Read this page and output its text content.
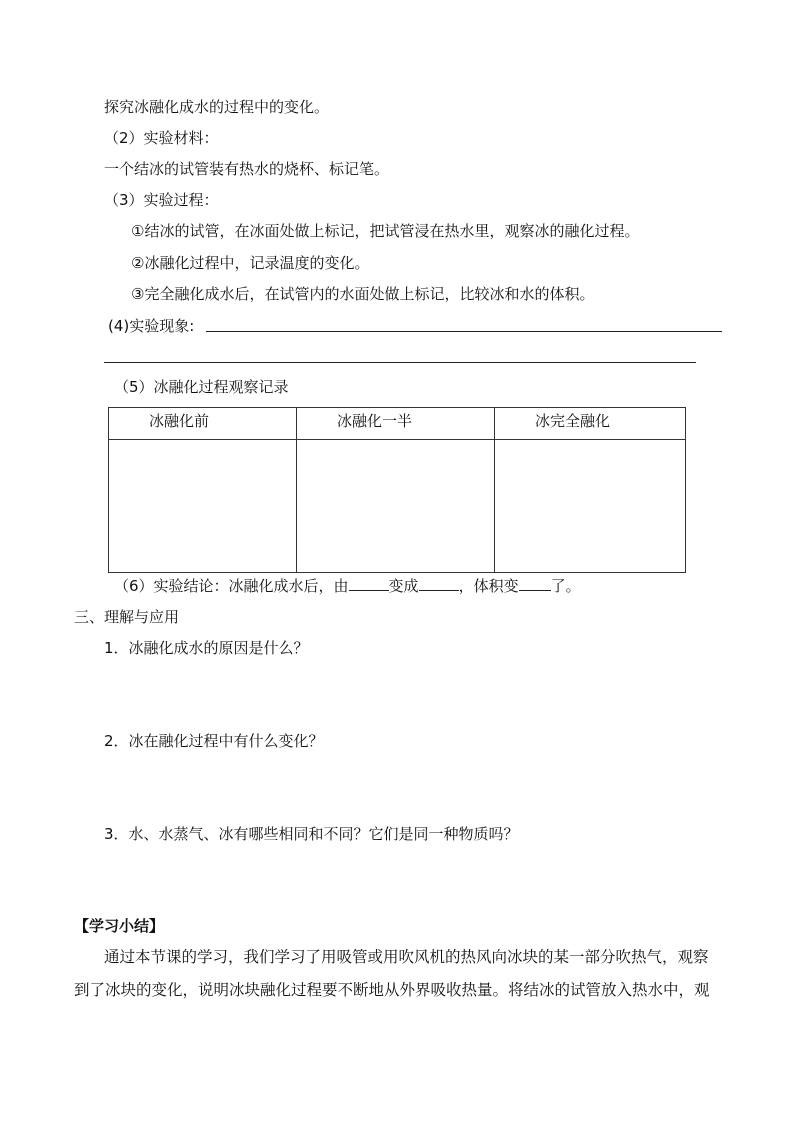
探究冰融化成水的过程中的变化。
（2）实验材料：
一个结冰的试管装有热水的烧杯、标记笔。
（3）实验过程：
①结冰的试管，在冰面处做上标记，把试管浸在热水里，观察冰的融化过程。
②冰融化过程中，记录温度的变化。
③完全融化成水后，在试管内的水面处做上标记，比较冰和水的体积。
(4)实验现象:
（5）冰融化过程观察记录
冰融化前	冰融化一半	冰完全融化

（6）实验结论：冰融化成水后，由	变成	，体积变 了。
三、理解与应用
1．冰融化成水的原因是什么？
2．冰在融化过程中有什么变化？
3．水、水蒸气、冰有哪些相同和不同？它们是同一种物质吗？
【学习小结】
通过本节课的学习，我们学习了用吸管或用吹风机的热风向冰块的某一部分吹热气，观察
到了冰块的变化，说明冰块融化过程要不断地从外界吸收热量。将结冰的试管放入热水中，观
